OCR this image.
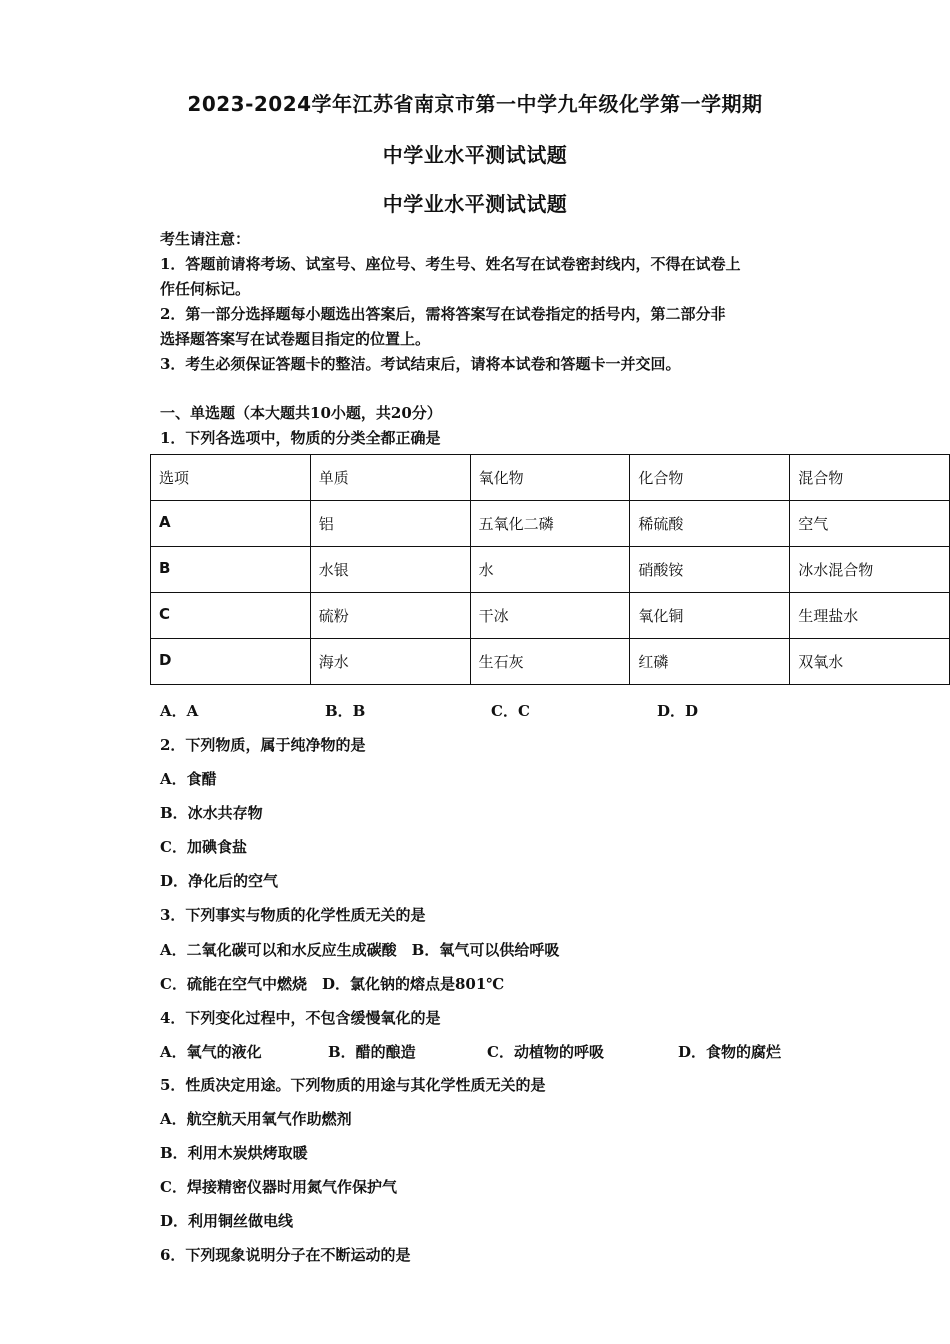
2023-2024学年江苏省南京市第一中学九年级化学第一学期期
中学业水平测试试题
中学业水平测试试题
考生请注意：
1．答题前请将考场、试室号、座位号、考生号、姓名写在试卷密封线内，不得在试卷上
作任何标记。
2．第一部分选择题每小题选出答案后，需将答案写在试卷指定的括号内，第二部分非
选择题答案写在试卷题目指定的位置上。
3．考生必须保证答题卡的整洁。考试结束后，请将本试卷和答题卡一并交回。
一、单选题（本大题共10小题，共20分）
1．下列各选项中，物质的分类全都正确是
选项	单质	氧化物	化合物	混合物
A	铝	五氧化二磷	稀硫酸	空气
B	水银	水	硝酸铵	冰水混合物
C	硫粉	干冰	氧化铜	生理盐水
D	海水	生石灰	红磷	双氧水
A．A	B．B	C．C	D．D
2．下列物质，属于纯净物的是
A．食醋
B．冰水共存物
C．加碘食盐
D．净化后的空气
3．下列事实与物质的化学性质无关的是
A．二氧化碳可以和水反应生成碳酸　B．氧气可以供给呼吸
C．硫能在空气中燃烧　D．氯化钠的熔点是801℃
4．下列变化过程中，不包含缓慢氧化的是
A．氧气的液化	B．醋的酿造	C．动植物的呼吸	D．食物的腐烂
5．性质决定用途。下列物质的用途与其化学性质无关的是
A．航空航天用氧气作助燃剂
B．利用木炭烘烤取暖
C．焊接精密仪器时用氮气作保护气
D．利用铜丝做电线
6．下列现象说明分子在不断运动的是
